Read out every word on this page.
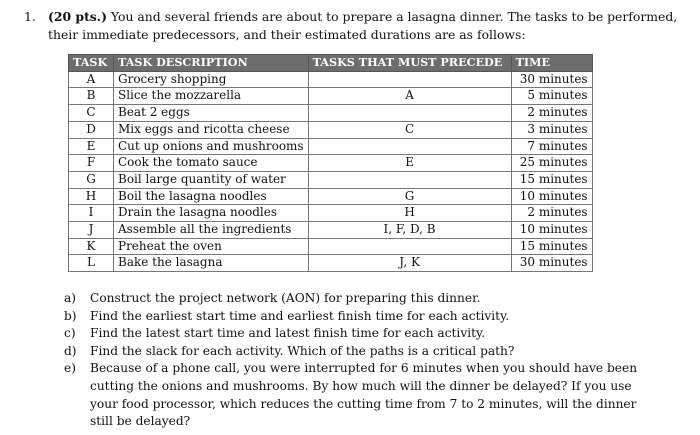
1. (20 pts.) You and several friends are about to prepare a lasagna dinner. The tasks to be performed, their immediate predecessors, and their estimated durations are as follows:
TASK	TASK DESCRIPTION	TASKS THAT MUST PRECEDE	TIME
A	Grocery shopping		30 minutes
B	Slice the mozzarella	A	5 minutes
C	Beat 2 eggs		2 minutes
D	Mix eggs and ricotta cheese	C	3 minutes
E	Cut up onions and mushrooms		7 minutes
F	Cook the tomato sauce	E	25 minutes
G	Boil large quantity of water		15 minutes
H	Boil the lasagna noodles	G	10 minutes
I	Drain the lasagna noodles	H	2 minutes
J	Assemble all the ingredients	I, F, D, B	10 minutes
K	Preheat the oven		15 minutes
L	Bake the lasagna	J, K	30 minutes
a) Construct the project network (AON) for preparing this dinner.
b) Find the earliest start time and earliest finish time for each activity.
c) Find the latest start time and latest finish time for each activity.
d) Find the slack for each activity. Which of the paths is a critical path?
e) Because of a phone call, you were interrupted for 6 minutes when you should have been cutting the onions and mushrooms. By how much will the dinner be delayed? If you use your food processor, which reduces the cutting time from 7 to 2 minutes, will the dinner still be delayed?
